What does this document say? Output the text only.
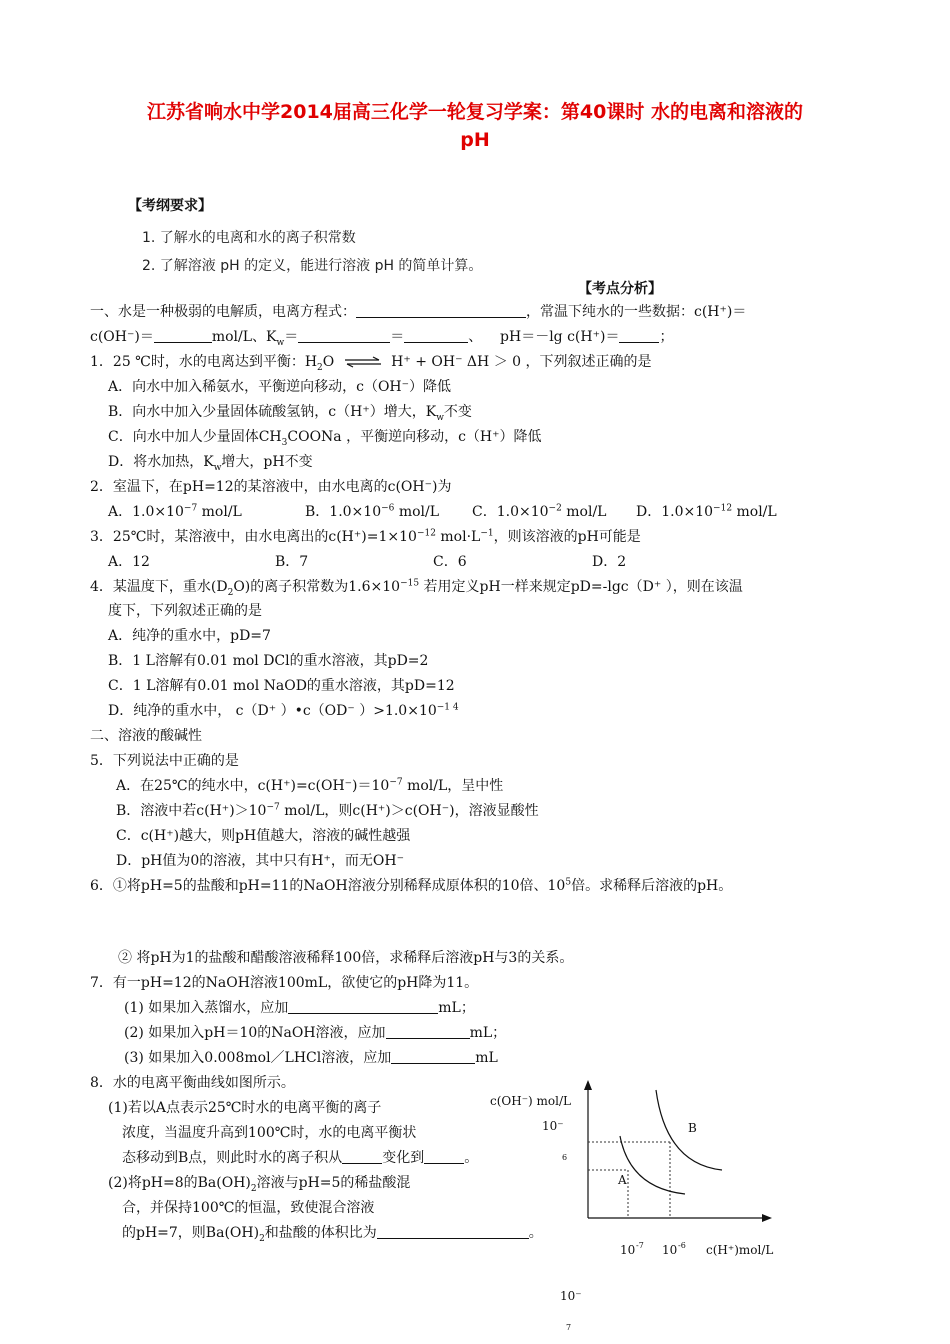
江苏省响水中学2014届高三化学一轮复习学案：第40课时 水的电离和溶液的
pH
【考纲要求】
1. 了解水的电离和水的离子积常数
2. 了解溶液 pH 的定义，能进行溶液 pH 的简单计算。
【考点分析】
一、水是一种极弱的电解质，电离方程式：	，常温下纯水的一些数据：c(H⁺)＝
c(OH⁻)＝	mol/L、$K_w=$	＝	、 pH＝－lg c(H⁺)＝	；
1．25 ℃时，水的电离达到平衡：$H_2O$ ⇌ H⁺ + OH⁻ ΔH ＞ 0 ，下列叙述正确的是
A．向水中加入稀氨水，平衡逆向移动，c（OH⁻）降低
B．向水中加入少量固体硫酸氢钠，c（H⁺）增大，$K_w$不变
C．向水中加人少量固体$CH_3COONa$ ，平衡逆向移动，c（H⁺）降低
D．将水加热，$K_w$增大，pH不变
2．室温下，在pH=12的某溶液中，由水电离的c(OH⁻)为
A．$1.0\times 10^{-7}$ mol/L	B．$1.0\times 10^{-6}$ mol/L C．$1.0\times 10^{-2}$ mol/L D．$1.0\times 10^{-12}$ mol/L
3．25℃时，某溶液中，由水电离出的$c(H^+)=1\times 10^{-12}$ $mol\cdot L^{-1}$，则该溶液的pH可能是
A．12	B．7	C．6	D．2
4．某温度下，重水$(D_2O)$的离子积常数为$1.6\times 10^{-15}$ 若用定义pH一样来规定pD=-lgc（D⁺ ），则在该温
度下，下列叙述正确的是
A．纯净的重水中，pD=7
B．1 L溶解有0.01 mol DCl的重水溶液，其pD=2
C．1 L溶解有0.01 mol NaOD的重水溶液，其pD=12
D．纯净的重水中， c（D⁺ ）•c（OD⁻ ）$>1.0\times 10^{-1 4}$
二、溶液的酸碱性
5．下列说法中正确的是
A．在25℃的纯水中，$c(H^+)=c(OH^-)=10^{-7}$ mol/L，呈中性
B．溶液中若$c(H^+)>10^{-7}$ mol/L，则c(H⁺)＞c(OH⁻)，溶液显酸性
C．c(H⁺)越大，则pH值越大，溶液的碱性越强
D．pH值为0的溶液，其中只有H⁺，而无OH⁻
6．①将pH=5的盐酸和pH=11的NaOH溶液分别稀释成原体积的10倍、$10^5$倍。求稀释后溶液的pH。
② 将pH为1的盐酸和醋酸溶液稀释100倍，求稀释后溶液pH与3的关系。
7．有一pH=12的NaOH溶液100mL，欲使它的pH降为11。
(1) 如果加入蒸馏水，应加	mL；
(2) 如果加入pH＝10的NaOH溶液，应加	mL；
(3) 如果加入0.008mol／LHCl溶液，应加	mL
8．水的电离平衡曲线如图所示。
(1)若以A点表示25℃时水的电离平衡的离子
浓度，当温度升高到100℃时，水的电离平衡状
态移动到B点，则此时水的离子积从	变化到	。
(2)将pH=8的$Ba(OH)_2$溶液与pH=5的稀盐酸混
合，并保持100℃的恒温，致使混合溶液
的pH=7，则$Ba(OH)_2$和盐酸的体积比为	。
c(OH⁻) mol/L
10⁻
6
A
B
10 -7 10 -6 c(H⁺)mol/L
10⁻
7
